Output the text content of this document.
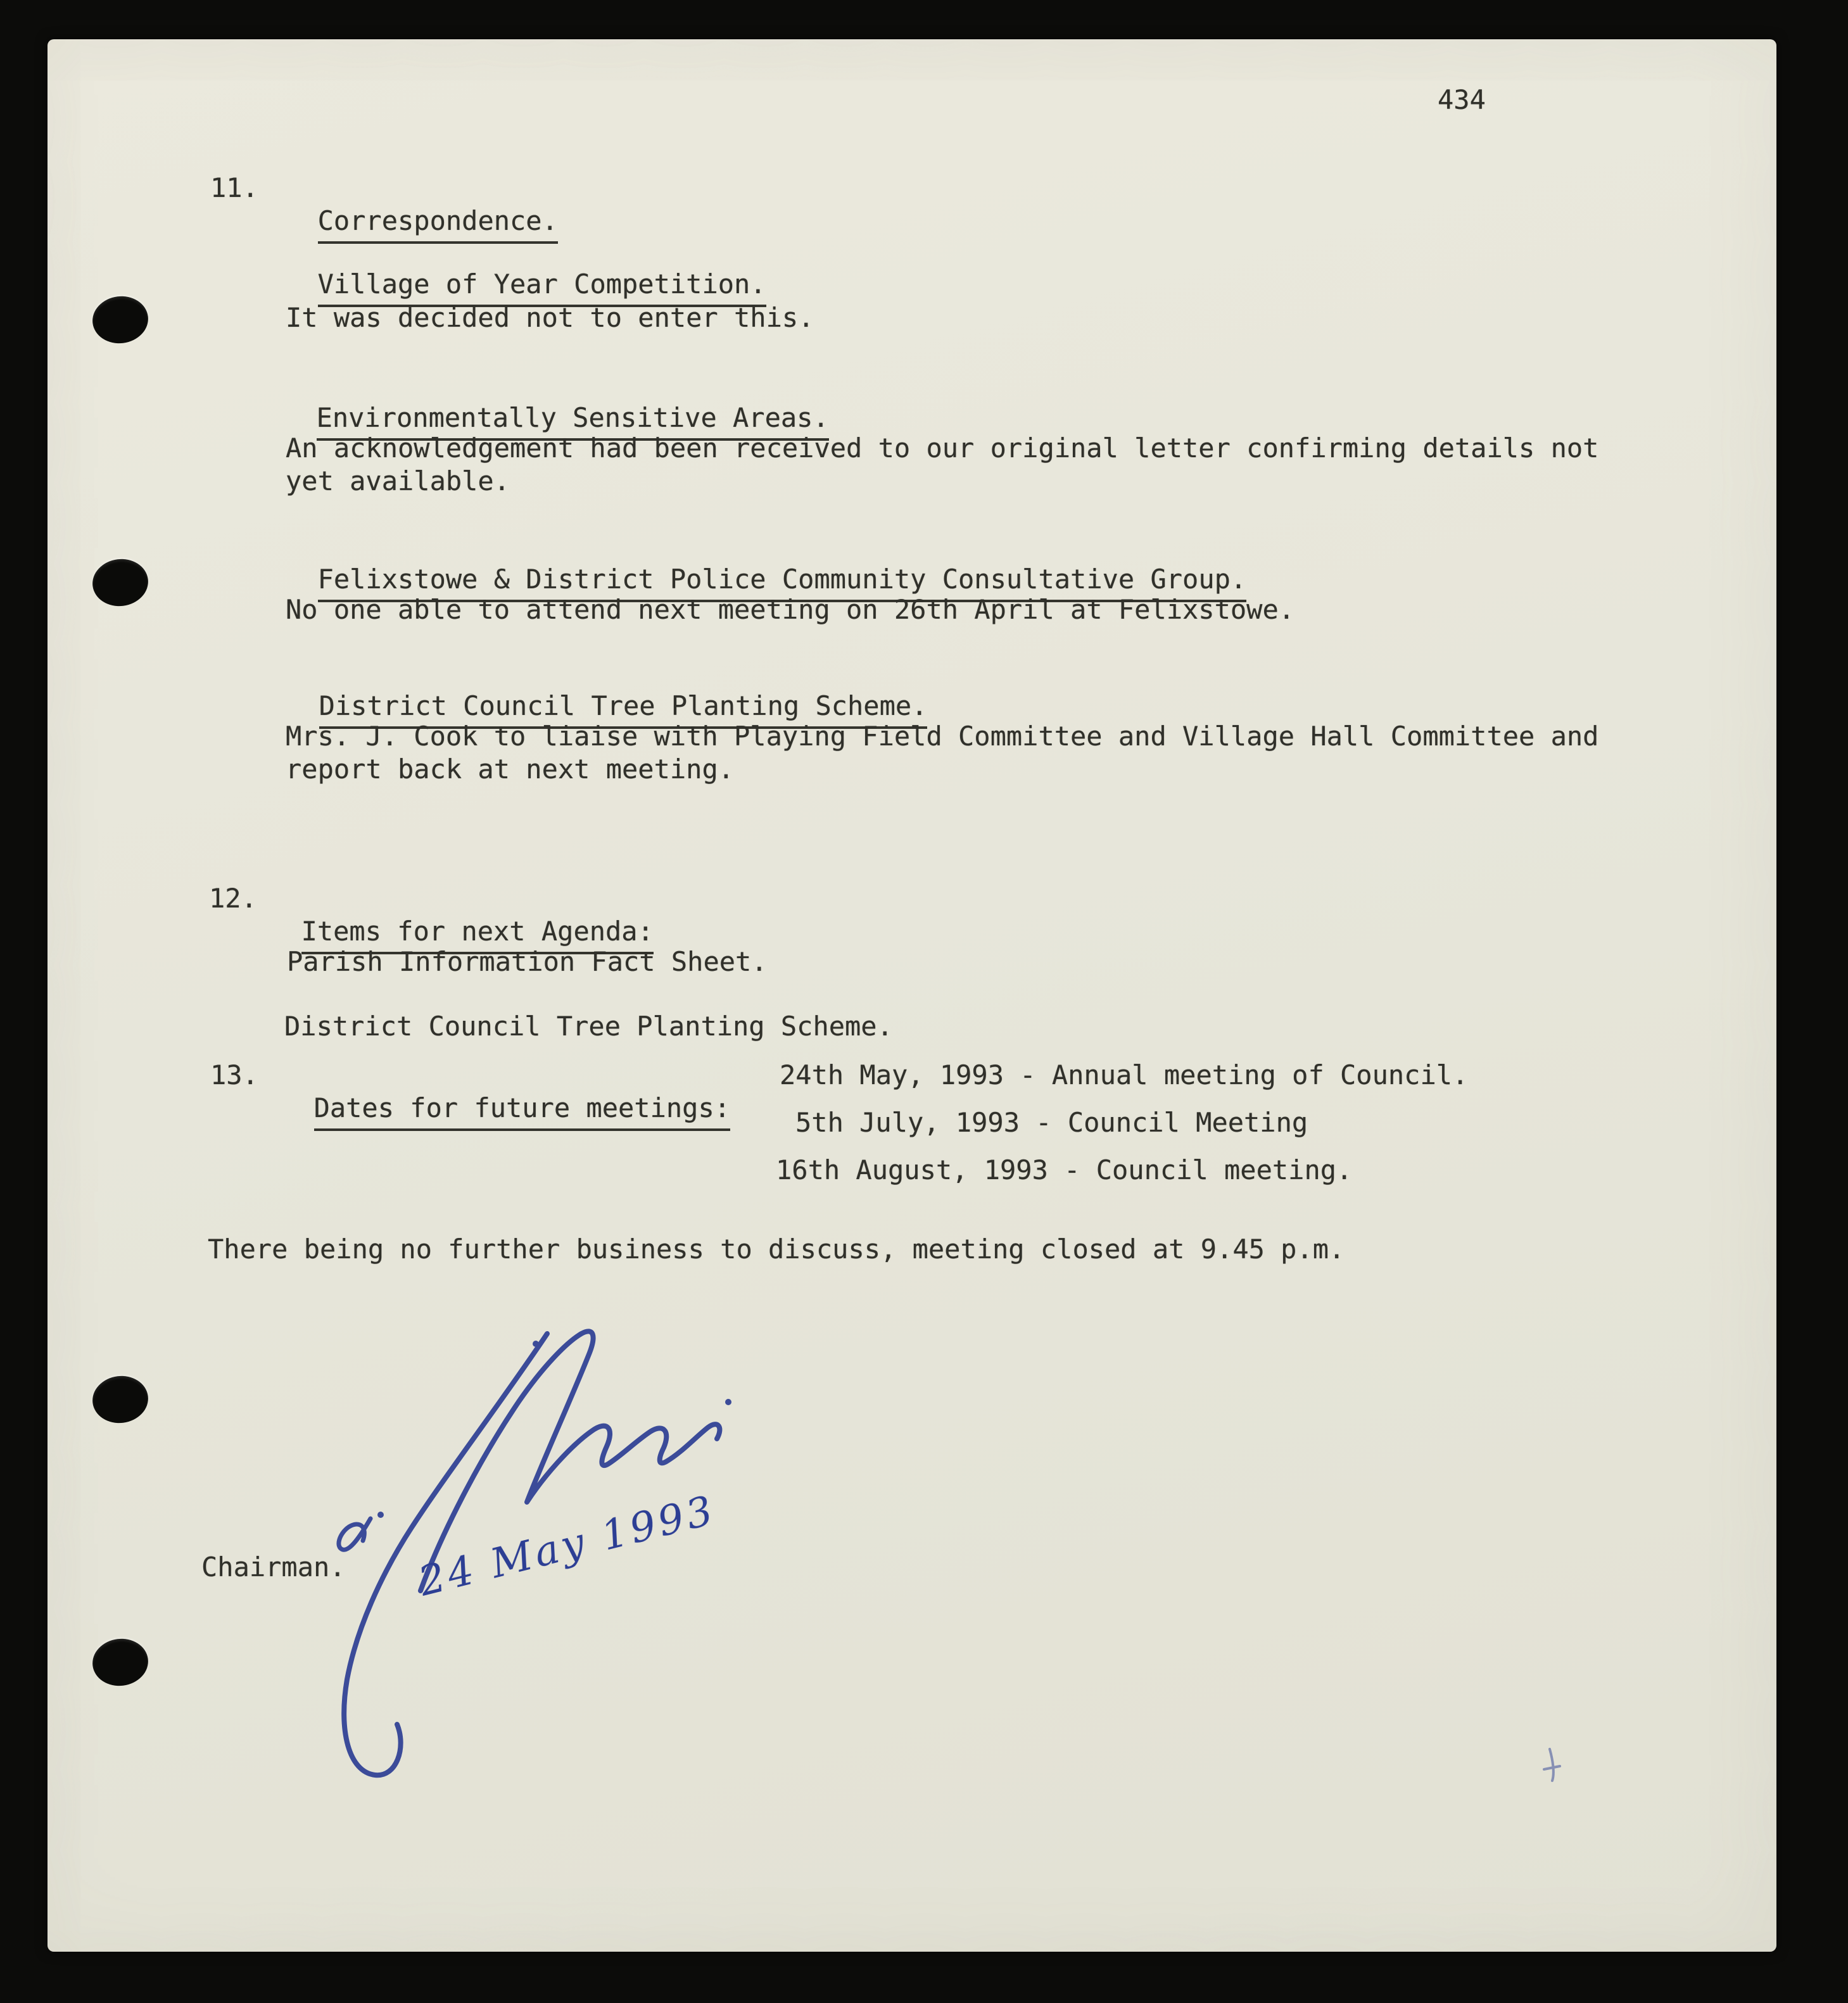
434
11.

Correspondence.

Village of Year Competition.
It was decided not to enter this.

Environmentally Sensitive Areas.
An acknowledgement had been received to our original letter confirming details not
yet available.

Felixstowe & District Police Community Consultative Group.
No one able to attend next meeting on 26th April at Felixstowe.

District Council Tree Planting Scheme.
Mrs. J. Cook to liaise with Playing Field Committee and Village Hall Committee and
report back at next meeting.
12.

Items for next Agenda:
Parish Information Fact Sheet.
District Council Tree Planting Scheme.
13.

Dates for future meetings:
24th May, 1993 - Annual meeting of Council.
5th July, 1993 - Council Meeting
16th August, 1993 - Council meeting.
There being no further business to discuss, meeting closed at 9.45 p.m.
Chairman. 24 May 1993
